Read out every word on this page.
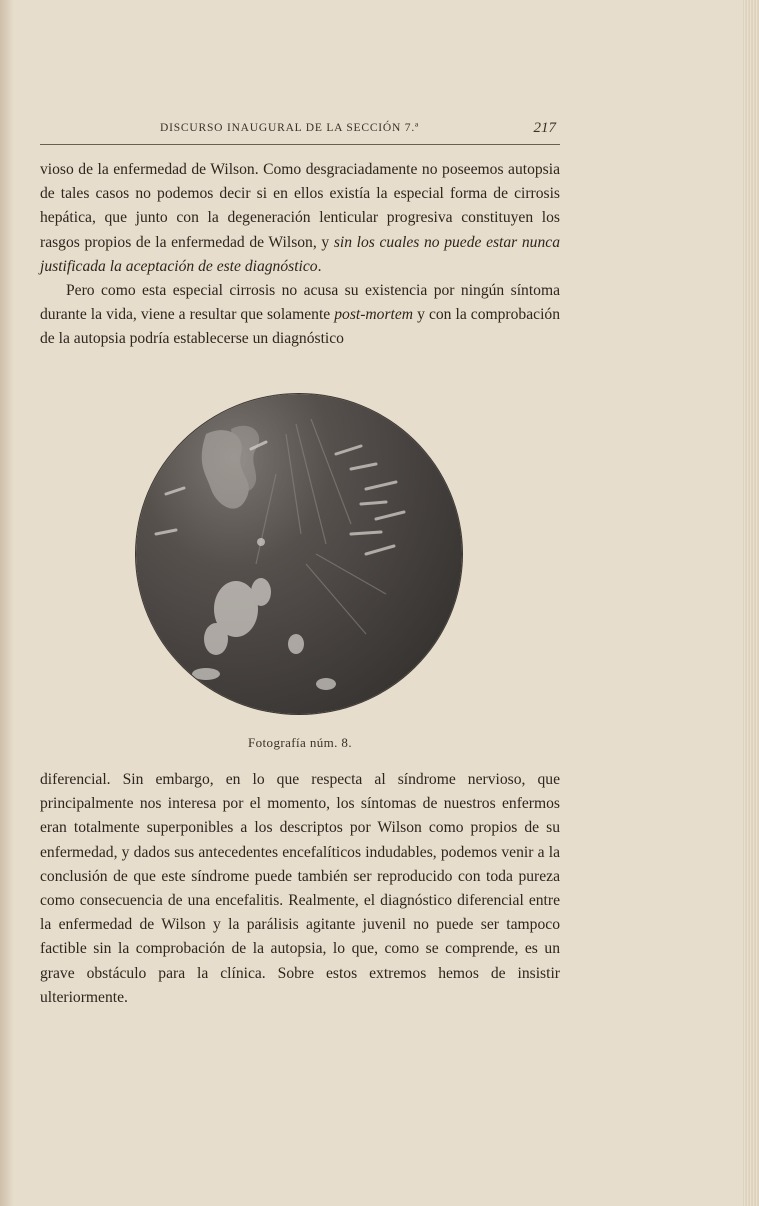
DISCURSO INAUGURAL DE LA SECCIÓN 7.ª	217

vioso de la enfermedad de Wilson. Como desgraciadamente no poseemos autopsia de tales casos no podemos decir si en ellos existía la especial forma de cirrosis hepática, que junto con la degeneración lenticular progresiva constituyen los rasgos propios de la enfermedad de Wilson, y sin los cuales no puede estar nunca justificada la aceptación de este diagnóstico.

Pero como esta especial cirrosis no acusa su existencia por ningún síntoma durante la vida, viene a resultar que solamente post-mortem y con la comprobación de la autopsia podría establecerse un diagnóstico

Fotografía núm. 8.

diferencial. Sin embargo, en lo que respecta al síndrome nervioso, que principalmente nos interesa por el momento, los síntomas de nuestros enfermos eran totalmente superponibles a los descriptos por Wilson como propios de su enfermedad, y dados sus antecedentes encefalíticos indudables, podemos venir a la conclusión de que este síndrome puede también ser reproducido con toda pureza como consecuencia de una encefalitis. Realmente, el diagnóstico diferencial entre la enfermedad de Wilson y la parálisis agitante juvenil no puede ser tampoco factible sin la comprobación de la autopsia, lo que, como se comprende, es un grave obstáculo para la clínica. Sobre estos extremos hemos de insistir ulteriormente.
